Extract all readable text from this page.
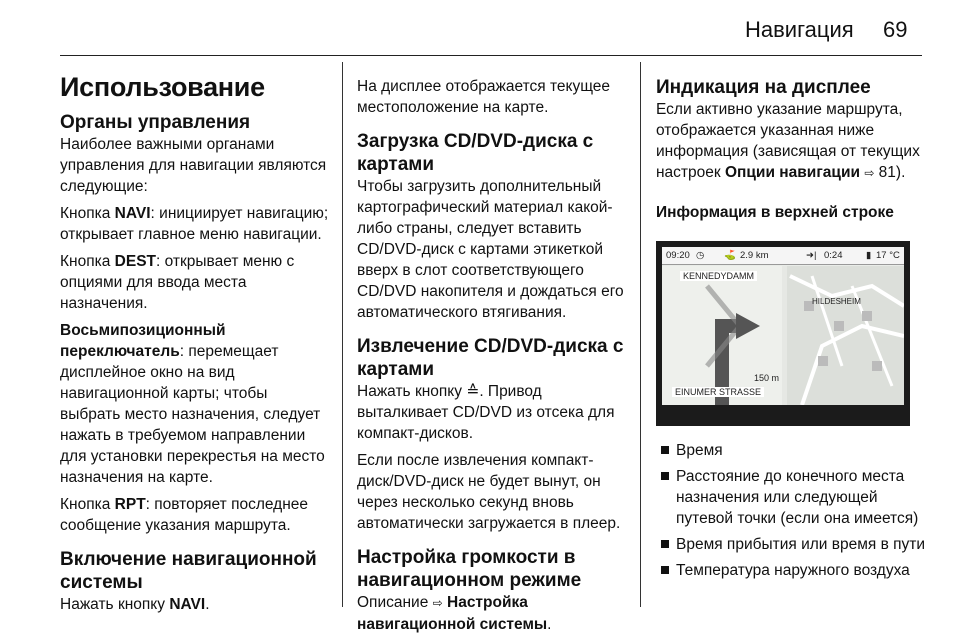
Навигация 69
Использование
Органы управления
Наиболее важными органами управления для навигации являются следующие:
Кнопка NAVI: инициирует навигацию; открывает главное меню навигации.
Кнопка DEST: открывает меню с опциями для ввода места назначения.
Восьмипозиционный переключатель: перемещает дисплейное окно на вид навигационной карты; чтобы выбрать место назначения, следует нажать в требуемом направлении для установки перекрестья на место назначения на карте.
Кнопка RPT: повторяет последнее сообщение указания маршрута.
Включение навигационной системы
Нажать кнопку NAVI.
На дисплее отображается текущее местоположение на карте.
Загрузка CD/DVD-диска с картами
Чтобы загрузить дополнительный картографический материал какой-либо страны, следует вставить CD/DVD-диск с картами этикеткой вверх в слот соответствующего CD/DVD накопителя и дождаться его автоматического втягивания.
Извлечение CD/DVD-диска с картами
Нажать кнопку ≙. Привод выталкивает CD/DVD из отсека для компакт-дисков.
Если после извлечения компакт-диск/DVD-диск не будет вынут, он через несколько секунд вновь автоматически загружается в плеер.
Настройка громкости в навигационном режиме
Описание ⇨ Настройка навигационной системы.
Индикация на дисплее
Если активно указание маршрута, отображается указанная ниже информация (зависящая от текущих настроек Опции навигации ⇨ 81).
Информация в верхней строке
09:20 ◷ ⛳ 2.9 km	➜| 0:24 ▮ 17 °C
KENNEDYDAMM
HILDESHEIM
150 m
EINUMER STRASSE
Время
Расстояние до конечного места назначения или следующей путевой точки (если она имеется)
Время прибытия или время в пути
Температура наружного воздуха
